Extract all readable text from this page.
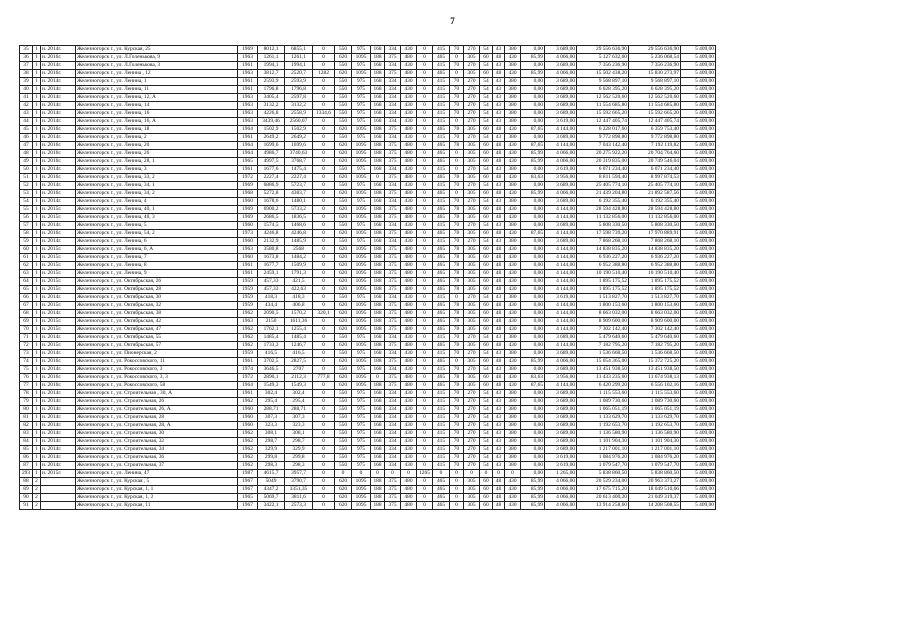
7
35	1	и. 2014г.	Железногорск г., ул. Курская, 25	1969	8012,1	6855,1	0	550	975	168	334	430	0	415	70	270	54	43	380	0,00	3 689,00	29 556 636,90	29 556 636,90	5 409,00
36	1	и. 2016г.	Железногорск г., ул. Л.Голенькова, 9	1963	1261,1	1261,1	0	620	1095	188	375	480	0	465	0	305	60	48	430	85,99	4 066,00	5 127 632,60	5 236 068,54	5 409,00
37	1	и. 2014г.	Железногорск г., ул. Л.Голенькова, 3	1961	1994,1	1994,1	0	550	975	168	334	430	0	415	70	270	54	43	380	0,00	3 689,00	7 356 236,90	7 356 236,90	5 409,00
38	1	и. 2016г.	Железногорск г., ул. Ленина , 12	1963	3812,7	2520,7	1282	620	1095	188	375	480	0	465	0	305	60	48	430	85,99	4 066,00	15 502 438,20	15 830 273,97	5 409,00
39	1	и. 2014г.	Железногорск г., ул. Ленина, 1	1961	2593,9	2593,9	0	550	975	168	334	430	0	415	70	270	54	43	380	0,00	3 689,00	9 568 897,10	9 568 897,10	5 409,00
40	1	и. 2014г.	Железногорск г., ул. Ленина, 11	1961	1796,8	1796,8	0	550	975	168	334	430	0	415	70	270	54	43	380	0,00	3 689,00	6 628 395,20	6 628 395,20	5 409,00
41	1	и. 2014г.	Железногорск г., ул. Ленина, 12, А	1963	3405,4	2597,8	0	550	975	168	334	430	0	415	70	270	54	43	380	0,00	3 689,00	12 562 520,60	12 562 520,60	5 409,00
42	1	и. 2014г.	Железногорск г., ул. Ленина, 14	1963	3132,2	3132,2	0	550	975	168	334	430	0	415	70	270	54	43	380	0,00	3 689,00	11 554 685,80	11 554 685,80	5 409,00
43	1	и. 2014г.	Железногорск г., ул. Ленина, 16	1963	4226,8	2558,9	1334,6	550	975	168	334	430	0	415	70	270	54	43	380	0,00	3 689,00	15 592 665,20	15 592 665,20	5 409,00
44	1	и. 2014г.	Железногорск г., ул. Ленина, 16, А	1963	3439,46	2560,07	0	550	975	168	334	430	0	415	0	270	54	43	380	0,00	3 619,00	12 447 405,74	12 447 405,74	5 409,00
45	1	и. 2016г.	Железногорск г., ул. Ленина, 18	1964	1502,9	1502,9	0	620	1095	188	375	480	0	465	78	305	60	48	430	87,65	4 144,00	6 228 017,60	6 359 753,40	5 409,00
46	1	и. 2014г.	Железногорск г., ул. Ленина, 2	1961	2649,2	2649,2	0	550	975	168	334	430	0	415	70	270	54	43	380	0,00	3 689,00	9 772 898,80	9 772 898,80	5 409,00
47	1	и. 2016г.	Железногорск г., ул. Ленина, 20	1964	1699,6	1699,6	0	620	1095	188	375	480	0	465	78	305	60	48	430	87,65	4 144,00	7 043 142,40	7 192 119,82	5 409,00
48	1	и. 2016г.	Железногорск г., ул. Ленина, 26	1964	4986,7	3740,63	0	620	1095	188	375	480	0	465	0	305	60	48	430	85,99	4 066,00	20 275 922,20	20 704 764,60	5 409,00
49	1	и. 2016г.	Железногорск г., ул. Ленина, 28, 1	1965	4997,5	3768,7	0	620	1095	188	375	480	0	465	0	305	60	48	430	85,99	4 066,00	20 319 835,00	20 749 546,04	5 409,00
50	1	и. 2014г.	Железногорск г., ул. Ленина, 3	1961	1677,6	1475,4	0	550	975	168	334	430	0	415	0	270	54	43	380	0,00	3 619,00	6 071 234,40	6 071 234,40	5 409,00
51	1	и. 2016г.	Железногорск г., ул. Ленина, 33, 2	1972	2227,4	2227,4	0	620	1095	0	375	480	0	465	78	305	60	48	430	83,63	3 956,00	8 811 594,40	8 997 874,53	5 409,00
52	1	и. 2014г.	Железногорск г., ул. Ленина, 34, 1	1969	6886,9	5723,7	0	550	975	168	334	430	0	415	70	270	54	43	380	0,00	3 689,00	25 405 774,10	25 405 774,10	5 409,00
53	1	и. 2016г.	Железногорск г., ул. Ленина, 34, 2	1968	5272,8	4383,7	0	620	1095	188	375	480	0	465	0	305	60	48	430	85,99	4 066,00	21 439 204,80	21 892 587,56	5 409,00
54	1	и. 2014г.	Железногорск г., ул. Ленина, 4	1960	1678,6	1480,1	0	550	975	168	334	430	0	415	70	270	54	43	380	0,00	3 689,00	6 192 355,40	6 192 355,40	5 409,00
55	1	и. 2015г.	Железногорск г., ул. Ленина, 40, 1	1969	6900,2	5733,2	0	620	1095	188	375	480	0	465	78	305	60	48	430	0,00	4 144,00	28 594 428,80	28 594 428,80	5 409,00
56	1	и. 2015г.	Железногорск г., ул. Ленина, 40, 3	1969	2686,5	1836,5	0	620	1095	188	375	480	0	465	78	305	60	48	430	0,00	4 144,00	11 132 856,00	11 132 856,00	5 409,00
57	1	и. 2014г.	Железногорск г., ул. Ленина, 5	1960	1574,5	1468,6	0	550	975	168	334	430	0	415	70	270	54	43	380	0,00	3 689,00	5 808 330,50	5 808 330,50	5 409,00
58	1	и. 2016г.	Железногорск г., ул. Ленина, 54, 2	1973	4246,8	4246,8	0	620	1095	188	375	480	0	465	78	305	60	48	430	87,65	4 144,00	17 598 739,20	17 970 889,91	5 409,00
59	1	и. 2014г.	Железногорск г., ул. Ленина, 6	1960	2132,9	1485,9	0	550	975	168	334	430	0	415	70	270	54	43	380	0,00	3 689,00	7 868 268,10	7 868 268,10	5 409,00
60	1	и. 2015г.	Железногорск г., ул. Ленина, 6, А	1963	3580,8	2568	0	620	1095	188	375	480	0	465	78	305	60	48	430	0,00	4 144,00	14 838 835,20	14 838 835,20	5 409,00
61	1	и. 2015г.	Железногорск г., ул. Ленина, 7	1960	1673,8	1484,2	0	620	1095	188	375	480	0	465	78	305	60	48	430	0,00	4 144,00	6 936 227,20	6 936 227,20	5 409,00
62	1	и. 2015г.	Железногорск г., ул. Ленина, 8	1961	1677,7	1509,9	0	620	1095	188	375	480	0	465	78	305	60	48	430	0,00	4 144,00	6 952 388,80	6 952 388,80	5 409,00
63	1	и. 2015г.	Железногорск г., ул. Ленина, 9	1961	2459,1	1791,3	0	620	1095	188	375	480	0	465	78	305	60	48	430	0,00	4 144,00	10 190 510,40	10 190 510,40	5 409,00
64	1	и. 2015г.	Железногорск г., ул. Октябрьская, 26	1959	457,33	421,5	0	620	1095	188	375	480	0	465	78	305	60	48	430	0,00	4 144,00	1 895 175,52	1 895 175,52	5 409,00
65	1	и. 2015г.	Железногорск г., ул. Октябрьская, 28	1959	457,33	422,63	0	620	1095	188	375	480	0	465	78	305	60	48	430	0,00	4 144,00	1 895 175,52	1 895 175,52	5 409,00
66	1	и. 2014г.	Железногорск г., ул. Октябрьская, 30	1959	418,3	418,3	0	550	975	168	334	430	0	415	0	270	54	43	380	0,00	3 619,00	1 513 827,70	1 513 827,70	5 409,00
67	1	и. 2015г.	Железногорск г., ул. Октябрьская, 32	1959	434,4	406,8	0	620	1095	188	375	480	0	465	78	305	60	48	430	0,00	4 144,00	1 800 153,60	1 800 153,60	5 409,00
68	1	и. 2014г.	Железногорск г., ул. Октябрьская, 38	1962	2090,5	1570,2	320,1	620	1095	188	375	480	0	465	78	305	60	48	430	0,00	4 144,00	8 663 032,00	8 663 032,00	5 409,00
69	1	и. 2015г.	Железногорск г., ул. Октябрьская, 42	1963	2150	1611,36	0	620	1095	188	375	480	0	465	78	305	60	48	430	0,00	4 144,00	8 909 600,00	8 909 600,00	5 409,00
70	1	и. 2015г.	Железногорск г., ул. Октябрьская, 47	1962	1762,1	1255,4	0	620	1095	188	375	480	0	465	78	305	60	48	430	0,00	4 144,00	7 302 142,40	7 302 142,40	5 409,00
71	1	и. 2014г.	Железногорск г., ул. Октябрьская, 55	1962	1485,4	1485,4	0	550	975	168	334	430	0	415	70	270	54	43	380	0,00	3 689,00	5 479 640,60	5 479 640,60	5 409,00
72	1	и. 2015г.	Железногорск г., ул. Октябрьская, 57	1962	1733,3	1246,7	0	620	1095	188	375	480	0	465	78	305	60	48	430	0,00	4 144,00	7 182 795,20	7 182 795,20	5 409,00
73	1	и. 2014г.	Железногорск г., ул. Пионерская, 2	1959	416,5	416,5	0	550	975	168	334	430	0	415	70	270	54	43	380	0,00	3 689,00	1 536 668,50	1 536 668,50	5 409,00
74	1	и. 2016г.	Железногорск г., ул. Рокоссовского, 11	1961	3702,5	2827,5	0	620	1095	188	375	480	0	465	0	305	60	48	430	85,99	4 066,00	15 054 365,00	15 372 725,20	5 409,00
75	1	и. 2014г.	Железногорск г., ул. Рокоссовского, 3	1974	3646,5	2707	0	550	975	168	334	430	0	415	70	270	54	43	380	0,00	3 689,00	13 451 938,50	13 451 938,50	5 409,00
76	1	и. 2016г.	Железногорск г., ул. Рокоссовского, 3, 3	1972	2890,1	2112,3	777,8	620	1095	0	375	480	0	465	78	305	60	48	430	83,63	3 956,00	11 433 235,60	11 674 938,13	5 409,00
77	1	и. 2016г.	Железногорск г., ул. Рокоссовского, 58	1964	1549,3	1549,3	0	620	1095	188	375	480	0	465	78	305	60	48	430	87,65	4 144,00	6 420 299,20	6 556 102,16	5 409,00
78	1	и. 2014г.	Железногорск г., ул. Строительная , 30, А	1961	302,4	302,4	0	550	975	168	334	430	0	415	70	270	54	43	380	0,00	3 689,00	1 115 553,60	1 115 553,60	5 409,00
79	1	и. 2014г.	Железногорск г., ул. Строительная, 26	1962	295,4	295,4	0	550	975	168	334	430	0	415	70	270	54	43	380	0,00	3 689,00	1 089 730,60	1 089 730,60	5 409,00
80	1	и. 2014г.	Железногорск г., ул. Строительная, 26, А	1960	288,71	288,71	0	550	975	168	334	430	0	415	70	270	54	43	380	0,00	3 689,00	1 065 051,19	1 065 051,19	5 409,00
81	1	и. 2014г.	Железногорск г., ул. Строительная, 28	1960	307,3	307,3	0	550	975	168	334	430	0	415	70	270	54	43	380	0,00	3 689,00	1 133 629,70	1 133 629,70	5 409,00
82	1	и. 2014г.	Железногорск г., ул. Строительная, 28, А	1960	323,3	323,3	0	550	975	168	334	430	0	415	70	270	54	43	380	0,00	3 689,00	1 192 653,70	1 192 653,70	5 409,00
83	1	и. 2014г.	Железногорск г., ул. Строительная, 30	1962	308,1	308,1	0	550	975	168	334	430	0	415	70	270	54	43	380	0,00	3 689,00	1 136 580,90	1 136 580,90	5 409,00
84	1	и. 2014г.	Железногорск г., ул. Строительная, 32	1962	298,7	298,7	0	550	975	168	334	430	0	415	70	270	54	43	380	0,00	3 689,00	1 101 904,30	1 101 904,30	5 409,00
85	1	и. 2014г.	Железногорск г., ул. Строительная, 34	1962	329,9	329,9	0	550	975	168	334	430	0	415	70	270	54	43	380	0,00	3 689,00	1 217 001,10	1 217 001,10	5 409,00
86	1	и. 2014г.	Железногорск г., ул. Строительная, 36	1962	299,8	299,8	0	550	975	168	334	430	0	415	70	270	54	43	380	0,00	3 619,00	1 084 976,20	1 084 976,20	5 409,00
87	1	и. 2014г.	Железногорск г., ул. Строительная, 37	1962	298,3	298,3	0	550	975	168	334	430	0	415	70	270	54	43	380	0,00	3 619,00	1 079 547,70	1 079 547,70	5 409,00
293	1	и. 2015г.	Железногорск г., ул. Ленина, 47	1987	4615,7	3957,7	0	0	0	0	0	0	1265	0	0	0	0	0	0	0,00	1 265,00	5 838 860,50	5 838 860,50	5 409,00
88	2		Железногорск г., ул. Курская , 5	1967	5049	3790,7	0	620	1095	188	375	480	0	465	0	305	60	48	430	85,99	4 066,00	20 529 234,00	20 963 373,27	5 409,00
89	2		Железногорск г., ул. Курская, 1, 1	1967	4347,2	3351,35	0	620	1095	188	375	480	0	465	0	305	60	48	430	85,99	4 066,00	17 675 715,20	18 049 510,66	5 409,00
90	2		Железногорск г., ул. Курская, 1, 2	1965	5069,7	3811,6	0	620	1095	188	375	480	0	465	0	305	60	48	430	85,99	4 066,00	20 613 400,20	21 049 319,37	5 409,00
91	2		Железногорск г., ул. Курская, 11	1967	3422,1	2573,3	0	620	1095	188	375	480	0	465	0	305	60	48	430	85,99	4 066,00	13 914 258,60	14 208 508,55	5 409,00
